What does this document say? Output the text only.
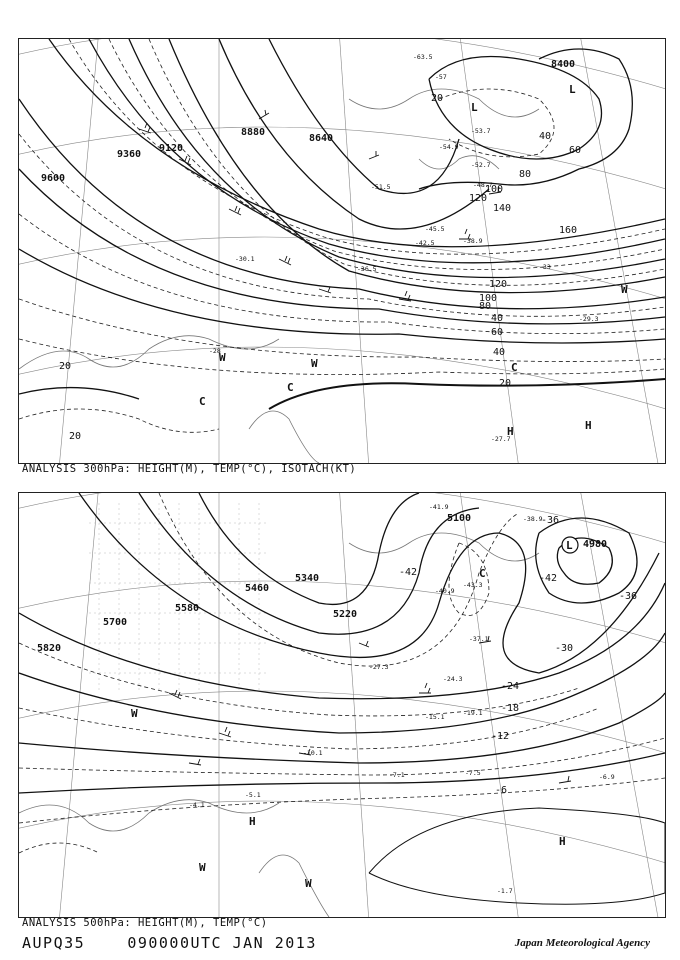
9600
9360
9120
8880
8640
8400
20
40
60
80
100
120
140
160
40
60
80
100
120
20
20
20
40
L
L
C
C
C
H	H
W	W
W
-63.5
-57
-54.9
-53.7
-52.7
-51.5	-48.7
-45.5
-42.5	-38.9
-36.5	-33
-30.1
-29.3
-28
-27.7
ANALYSIS 300hPa: HEIGHT(M), TEMP(°C), ISOTACH(KT)
5100
5220
5340
5460
5580
5700
5820
4980
-36
-42
-42
-30
-36
-24
-18
-12
-6
L
C
H
H
W
W
W
-41.9
-38.9
-43.3
-40.9
-37.1
-27.3
-24.3
-19.1
-15.1
-10.1
-7.5
-7.1	-6.9
-5.1
-4.1
-1.7
ANALYSIS 500hPa: HEIGHT(M), TEMP(°C)
AUPQ35	090000UTC JAN 2013	Japan Meteorological Agency
